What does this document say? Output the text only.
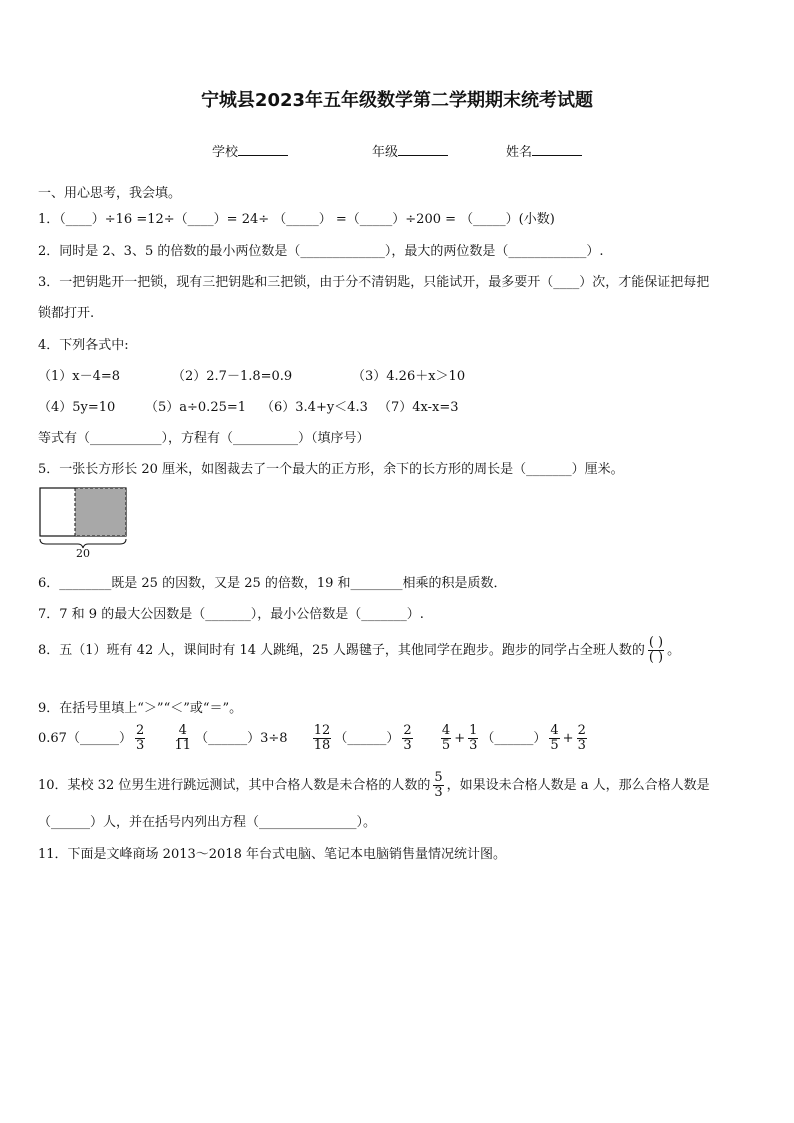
宁城县2023年五年级数学第二学期期末统考试题
学校	年级	姓名
一、用心思考，我会填。
1．（____）÷16 =12÷（____）= 24÷ （_____） =（_____）÷200 = （_____）(小数)
2．同时是 2、3、5 的倍数的最小两位数是（_____________），最大的两位数是（____________）.
3．一把钥匙开一把锁，现有三把钥匙和三把锁，由于分不清钥匙，只能试开，最多要开（____）次，才能保证把每把
锁都打开.
4．下列各式中:
（1）x－4=8	（2）2.7－1.8=0.9	（3）4.26＋x＞10
（4）5y=10 （5）a÷0.25=1 （6）3.4+y＜4.3 （7）4x-x=3
等式有（___________），方程有（__________）（填序号）
5．一张长方形长 20 厘米，如图裁去了一个最大的正方形，余下的长方形的周长是（_______）厘米。
20
6．________既是 25 的因数，又是 25 的倍数，19 和________相乘的积是质数．
7．7 和 9 的最大公因数是（_______），最小公倍数是（_______）.
8．五（1）班有 42 人，课间时有 14 人跳绳，25 人踢毽子，其他同学在跑步。跑步的同学占全班人数的 $\frac{( )}{( )}$ 。
9．在括号里填上“＞”“＜”或“＝”。
0.67（______） $\frac{2}{3}$
$\frac{4}{11}$ （______）3÷8 $\frac{12}{18}$ （______） $\frac{2}{3}$
$\frac{4}{5} + \frac{1}{3}$ （______） $\frac{4}{5} + \frac{2}{3}$
10．某校 32 位男生进行跳远测试，其中合格人数是未合格的人数的 $\frac{5}{3}$ ，如果设未合格人数是 a 人，那么合格人数是
（______）人，并在括号内列出方程（_______________）。
11．下面是文峰商场 2013～2018 年台式电脑、笔记本电脑销售量情况统计图。
